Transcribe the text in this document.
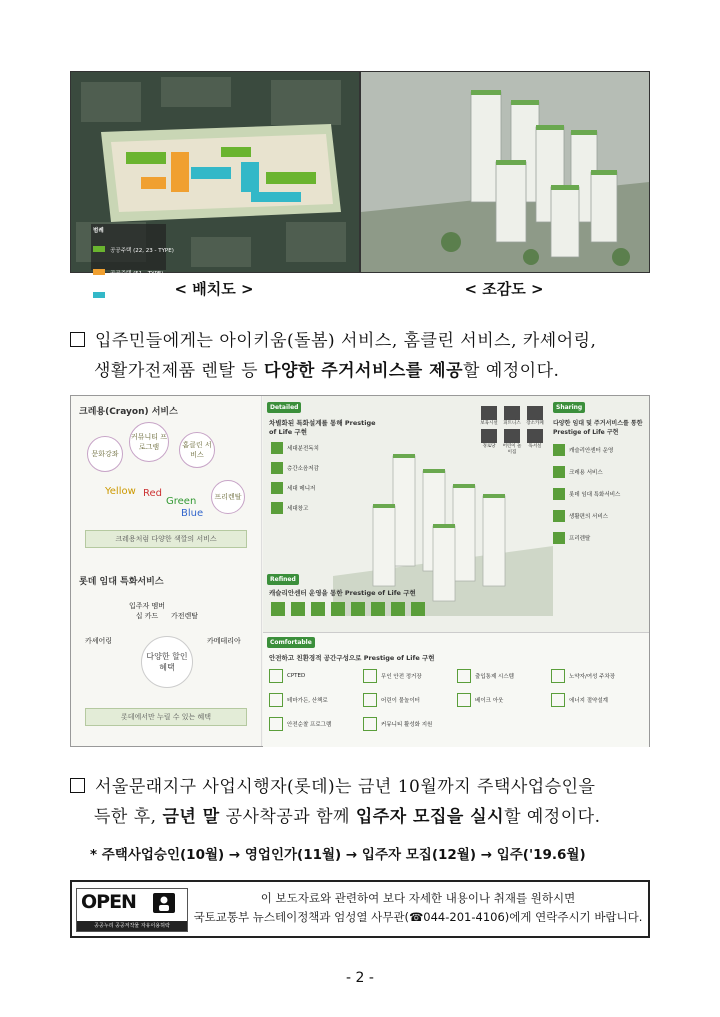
범례
공공주택 (22, 23 - TYPE)
공공주택 (51 - TYPE)
공공주택 (59 - TYPE) < 배치도 >	< 조감도 >
입주민들에게는 아이키움(돌봄) 서비스, 홈클린 서비스, 카셰어링,
생활가전제품 렌탈 등 다양한 주거서비스를 제공할 예정이다.
크레용(Crayon) 서비스
문화강좌
커뮤니티 프로그램	홈클린 서비스
프리렌탈
Yellow Red
Green
Blue
크레용처럼 다양한 색깔의 서비스
롯데 임대 특화서비스
입주자 멤버십 카드	가전렌탈
카셰어링	카메테리아
다양한 할인 혜택
롯데에서만 누릴 수 있는 혜택
Detailed
차별화된 특화설계를 통해 Prestige of Life 구현
세대분전독치
층간소음저감
세대 메니저
세대창고
보육시설 피트니스 장소카페
경로당	어린이 놀이집
독서실
Sharing
다양한 임대 및 주거서비스를 통한 Prestige of Life 구현
캐슬리안센터 운영
크레용 서비스
롯데 임대 특화서비스
생활편의 서비스
프리렌탈
Refined
캐슬리안센터 운영을 통한 Prestige of Life 구현
Comfortable
안전하고 친환경적 공간구성으로 Prestige of Life 구현
CPTED	무인 안전 정거장	출입통제 시스템	노약자/여성 주차장
테마가든, 산책로	어린이 물놀이터	베이크 아웃	에너지 절약설계
안전순찰 프로그램	커뮤니티 활성화 지원
서울문래지구 사업시행자(롯데)는 금년 10월까지 주택사업승인을
득한 후, 금년 말 공사착공과 함께 입주자 모집을 실시할 예정이다.
* 주택사업승인(10월) → 영업인가(11월) → 입주자 모집(12월) → 입주('19.6월)
OPEN
공공누리 공공저작물 자유이용허락
이 보도자료와 관련하여 보다 자세한 내용이나 취재를 원하시면
국토교통부 뉴스테이정책과 엄성열 사무관(☎044-201-4106)에게 연락주시기 바랍니다.
- 2 -
